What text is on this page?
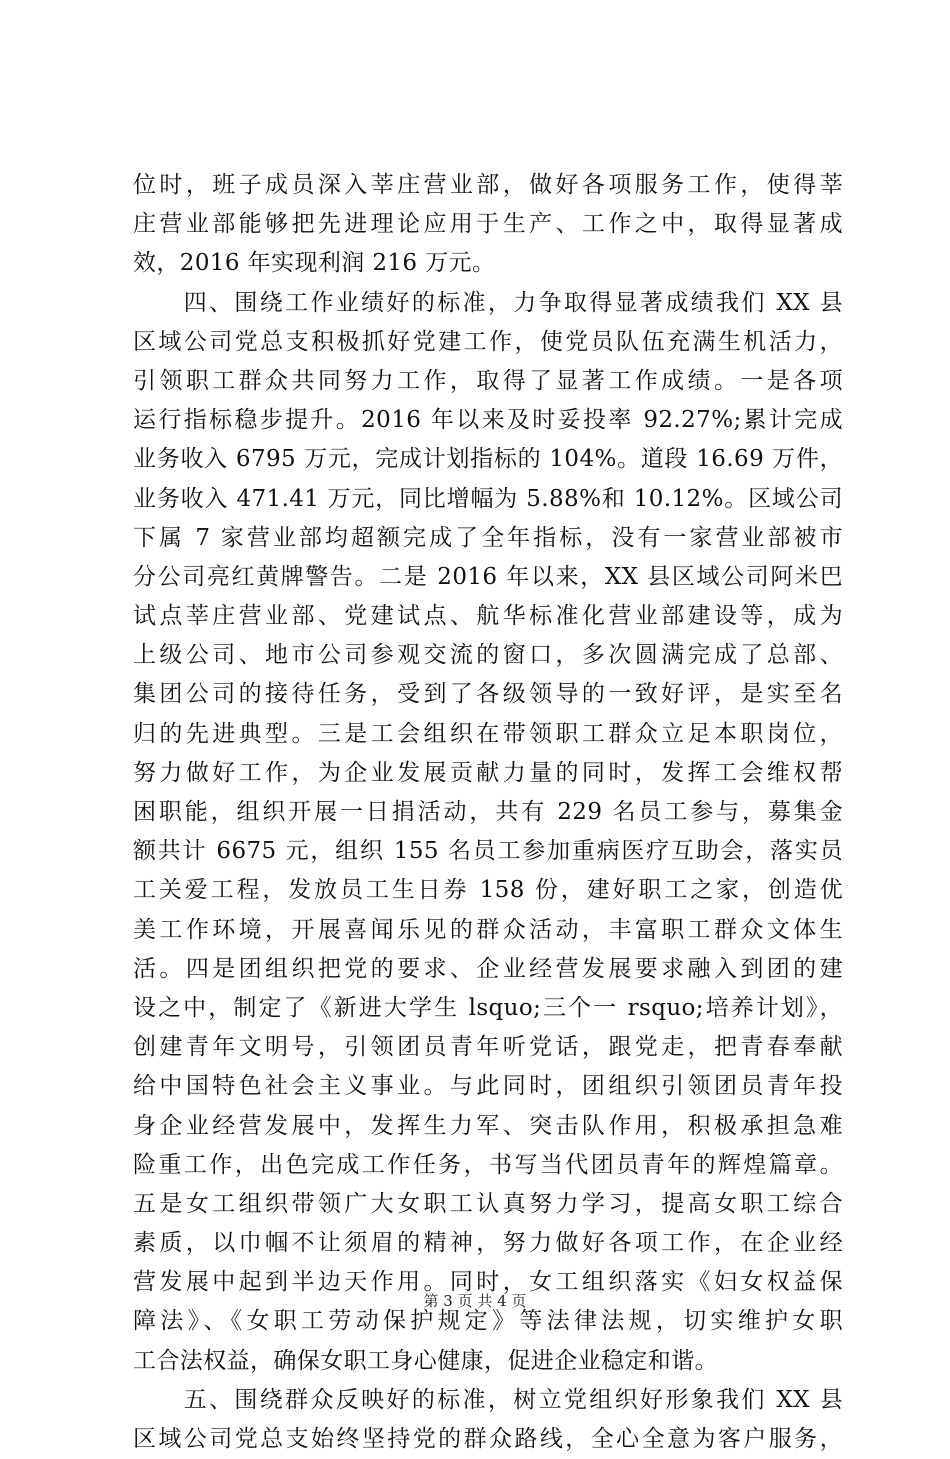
位时，班子成员深入莘庄营业部，做好各项服务工作，使得莘
庄营业部能够把先进理论应用于生产、工作之中，取得显著成
效，2016 年实现利润 216 万元。
　　四、围绕工作业绩好的标准，力争取得显著成绩我们 XX 县
区域公司党总支积极抓好党建工作，使党员队伍充满生机活力，
引领职工群众共同努力工作，取得了显著工作成绩。一是各项
运行指标稳步提升。2016 年以来及时妥投率 92.27%;累计完成
业务收入 6795 万元，完成计划指标的 104%。道段 16.69 万件，
业务收入 471.41 万元，同比增幅为 5.88%和 10.12%。区域公司
下属 7 家营业部均超额完成了全年指标，没有一家营业部被市
分公司亮红黄牌警告。二是 2016 年以来，XX 县区域公司阿米巴
试点莘庄营业部、党建试点、航华标准化营业部建设等，成为
上级公司、地市公司参观交流的窗口，多次圆满完成了总部、
集团公司的接待任务，受到了各级领导的一致好评，是实至名
归的先进典型。三是工会组织在带领职工群众立足本职岗位，
努力做好工作，为企业发展贡献力量的同时，发挥工会维权帮
困职能，组织开展一日捐活动，共有 229 名员工参与，募集金
额共计 6675 元，组织 155 名员工参加重病医疗互助会，落实员
工关爱工程，发放员工生日券 158 份，建好职工之家，创造优
美工作环境，开展喜闻乐见的群众活动，丰富职工群众文体生
活。四是团组织把党的要求、企业经营发展要求融入到团的建
设之中，制定了《新进大学生 lsquo;三个一 rsquo;培养计划》，
创建青年文明号，引领团员青年听党话，跟党走，把青春奉献
给中国特色社会主义事业。与此同时，团组织引领团员青年投
身企业经营发展中，发挥生力军、突击队作用，积极承担急难
险重工作，出色完成工作任务，书写当代团员青年的辉煌篇章。
五是女工组织带领广大女职工认真努力学习，提高女职工综合
素质，以巾帼不让须眉的精神，努力做好各项工作，在企业经
营发展中起到半边天作用。同时，女工组织落实《妇女权益保
障法》、《女职工劳动保护规定》等法律法规，切实维护女职
工合法权益，确保女职工身心健康，促进企业稳定和谐。
　　五、围绕群众反映好的标准，树立党组织好形象我们 XX 县
区域公司党总支始终坚持党的群众路线，全心全意为客户服务，
第 3 页 共 4 页
